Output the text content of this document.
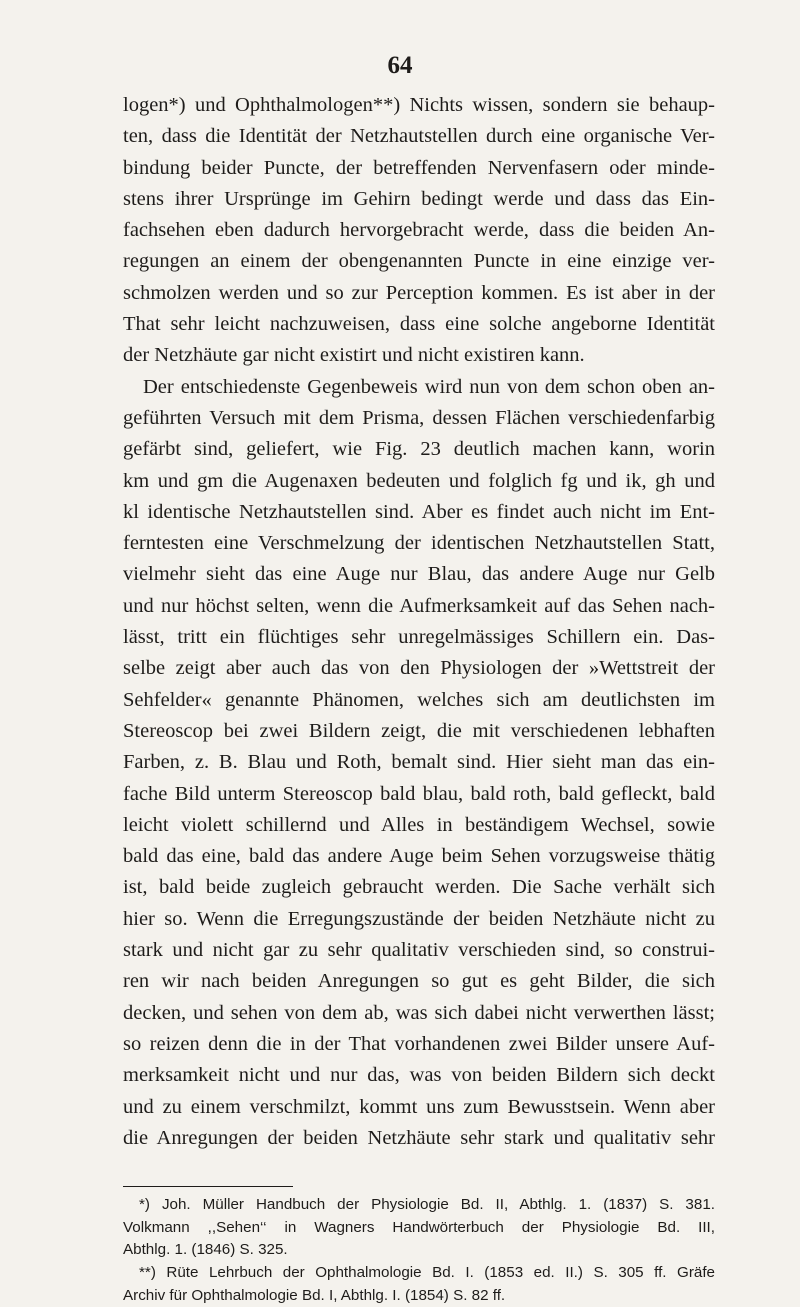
64
logen*) und Ophthalmologen**) Nichts wissen, sondern sie behaup-
ten, dass die Identität der Netzhautstellen durch eine organische Ver-
bindung beider Puncte, der betreffenden Nervenfasern oder minde-
stens ihrer Ursprünge im Gehirn bedingt werde und dass das Ein-
fachsehen eben dadurch hervorgebracht werde, dass die beiden An-
regungen an einem der obengenannten Puncte in eine einzige ver-
schmolzen werden und so zur Perception kommen. Es ist aber in der
That sehr leicht nachzuweisen, dass eine solche angeborne Identität
der Netzhäute gar nicht existirt und nicht existiren kann.
Der entschiedenste Gegenbeweis wird nun von dem schon oben an-
geführten Versuch mit dem Prisma, dessen Flächen verschiedenfarbig
gefärbt sind, geliefert, wie Fig. 23 deutlich machen kann, worin
km und gm die Augenaxen bedeuten und folglich fg und ik, gh und
kl identische Netzhautstellen sind. Aber es findet auch nicht im Ent-
ferntesten eine Verschmelzung der identischen Netzhautstellen Statt,
vielmehr sieht das eine Auge nur Blau, das andere Auge nur Gelb
und nur höchst selten, wenn die Aufmerksamkeit auf das Sehen nach-
lässt, tritt ein flüchtiges sehr unregelmässiges Schillern ein. Das-
selbe zeigt aber auch das von den Physiologen der »Wettstreit der
Sehfelder« genannte Phänomen, welches sich am deutlichsten im
Stereoscop bei zwei Bildern zeigt, die mit verschiedenen lebhaften
Farben, z. B. Blau und Roth, bemalt sind. Hier sieht man das ein-
fache Bild unterm Stereoscop bald blau, bald roth, bald gefleckt, bald
leicht violett schillernd und Alles in beständigem Wechsel, sowie
bald das eine, bald das andere Auge beim Sehen vorzugsweise thätig
ist, bald beide zugleich gebraucht werden. Die Sache verhält sich
hier so. Wenn die Erregungszustände der beiden Netzhäute nicht zu
stark und nicht gar zu sehr qualitativ verschieden sind, so construi-
ren wir nach beiden Anregungen so gut es geht Bilder, die sich
decken, und sehen von dem ab, was sich dabei nicht verwerthen lässt;
so reizen denn die in der That vorhandenen zwei Bilder unsere Auf-
merksamkeit nicht und nur das, was von beiden Bildern sich deckt
und zu einem verschmilzt, kommt uns zum Bewusstsein. Wenn aber
die Anregungen der beiden Netzhäute sehr stark und qualitativ sehr
*) Joh. Müller Handbuch der Physiologie Bd. II, Abthlg. 1. (1837) S. 381.
Volkmann ,,Sehen‘‘ in Wagners Handwörterbuch der Physiologie Bd. III,
Abthlg. 1. (1846) S. 325.
**) Rüte Lehrbuch der Ophthalmologie Bd. I. (1853 ed. II.) S. 305 ff. Gräfe
Archiv für Ophthalmologie Bd. I, Abthlg. I. (1854) S. 82 ff.
